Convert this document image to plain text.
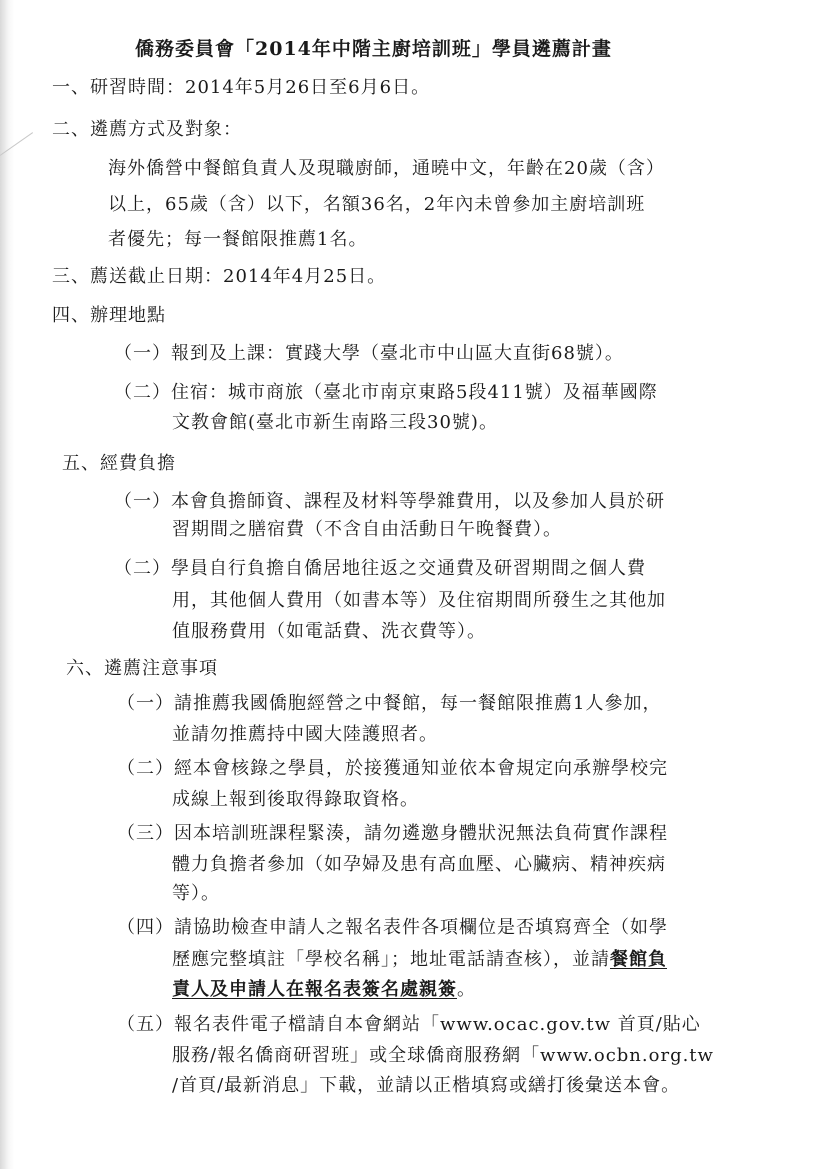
僑務委員會「2014年中階主廚培訓班」學員遴薦計畫
一、研習時間：2014年5月26日至6月6日。
二、遴薦方式及對象：
海外僑營中餐館負責人及現職廚師，通曉中文，年齡在20歲（含）
以上，65歲（含）以下，名額36名，2年內未曾參加主廚培訓班
者優先；每一餐館限推薦1名。
三、薦送截止日期：2014年4月25日。
四、辦理地點
（一）報到及上課：實踐大學（臺北市中山區大直街68號）。
（二）住宿：城市商旅（臺北市南京東路5段411號）及福華國際
文教會館(臺北市新生南路三段30號)。
五、經費負擔
（一）本會負擔師資、課程及材料等學雜費用，以及參加人員於研
習期間之膳宿費（不含自由活動日午晚餐費）。
（二）學員自行負擔自僑居地往返之交通費及研習期間之個人費
用，其他個人費用（如書本等）及住宿期間所發生之其他加
值服務費用（如電話費、洗衣費等）。
六、遴薦注意事項
（一）請推薦我國僑胞經營之中餐館，每一餐館限推薦1人參加，
並請勿推薦持中國大陸護照者。
（二）經本會核錄之學員，於接獲通知並依本會規定向承辦學校完
成線上報到後取得錄取資格。
（三）因本培訓班課程緊湊，請勿遴邀身體狀況無法負荷實作課程
體力負擔者參加（如孕婦及患有高血壓、心臟病、精神疾病
等）。
（四）請協助檢查申請人之報名表件各項欄位是否填寫齊全（如學
歷應完整填註「學校名稱」；地址電話請查核），並請餐館負
責人及申請人在報名表簽名處親簽。
（五）報名表件電子檔請自本會網站「www.ocac.gov.tw 首頁/貼心
服務/報名僑商研習班」或全球僑商服務網「www.ocbn.org.tw
/首頁/最新消息」下載，並請以正楷填寫或繕打後彙送本會。
